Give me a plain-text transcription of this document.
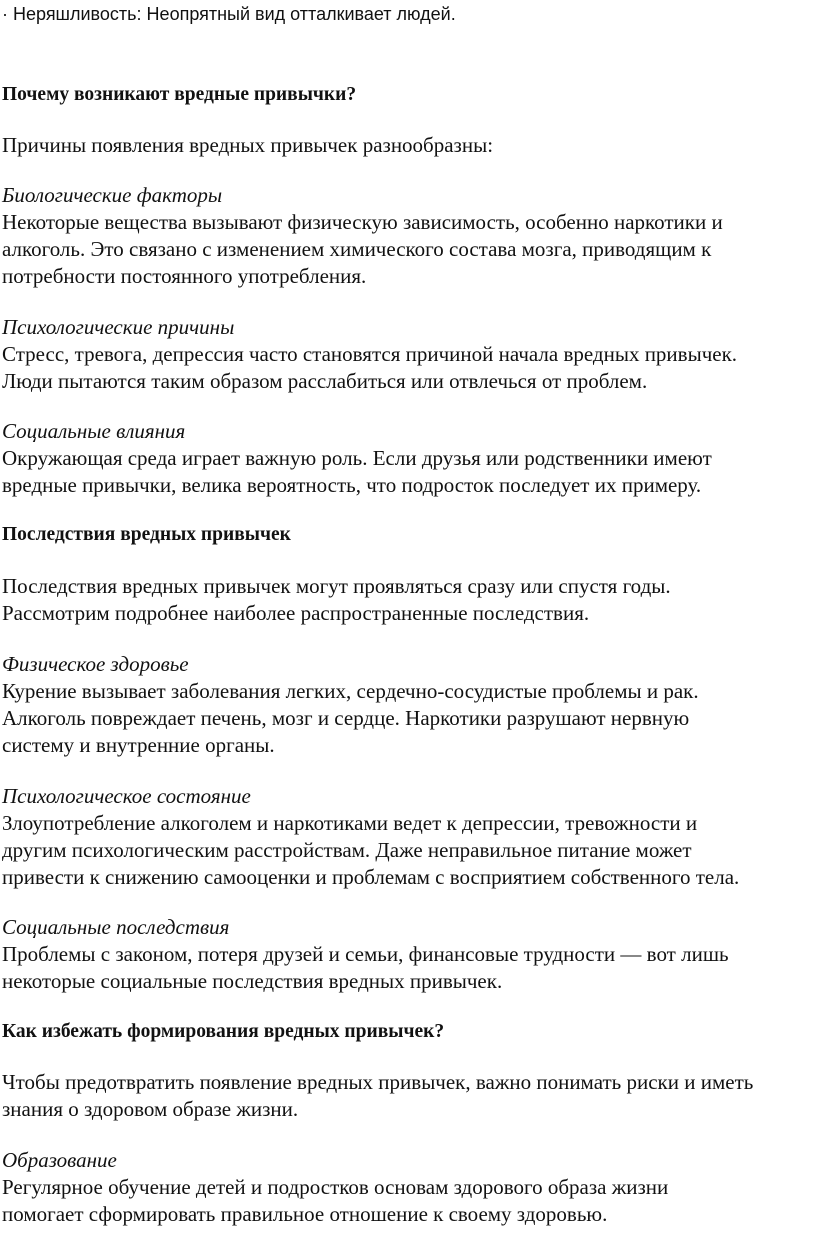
· Неряшливость: Неопрятный вид отталкивает людей.
Почему возникают вредные привычки?
Причины появления вредных привычек разнообразны:
Биологические факторы
Некоторые вещества вызывают физическую зависимость, особенно наркотики и
алкоголь. Это связано с изменением химического состава мозга, приводящим к
потребности постоянного употребления.
Психологические причины
Стресс, тревога, депрессия часто становятся причиной начала вредных привычек.
Люди пытаются таким образом расслабиться или отвлечься от проблем.
Социальные влияния
Окружающая среда играет важную роль. Если друзья или родственники имеют
вредные привычки, велика вероятность, что подросток последует их примеру.
Последствия вредных привычек
Последствия вредных привычек могут проявляться сразу или спустя годы.
Рассмотрим подробнее наиболее распространенные последствия.
Физическое здоровье
Курение вызывает заболевания легких, сердечно-сосудистые проблемы и рак.
Алкоголь повреждает печень, мозг и сердце. Наркотики разрушают нервную
систему и внутренние органы.
Психологическое состояние
Злоупотребление алкоголем и наркотиками ведет к депрессии, тревожности и
другим психологическим расстройствам. Даже неправильное питание может
привести к снижению самооценки и проблемам с восприятием собственного тела.
Социальные последствия
Проблемы с законом, потеря друзей и семьи, финансовые трудности — вот лишь
некоторые социальные последствия вредных привычек.
Как избежать формирования вредных привычек?
Чтобы предотвратить появление вредных привычек, важно понимать риски и иметь
знания о здоровом образе жизни.
Образование
Регулярное обучение детей и подростков основам здорового образа жизни
помогает сформировать правильное отношение к своему здоровью.
